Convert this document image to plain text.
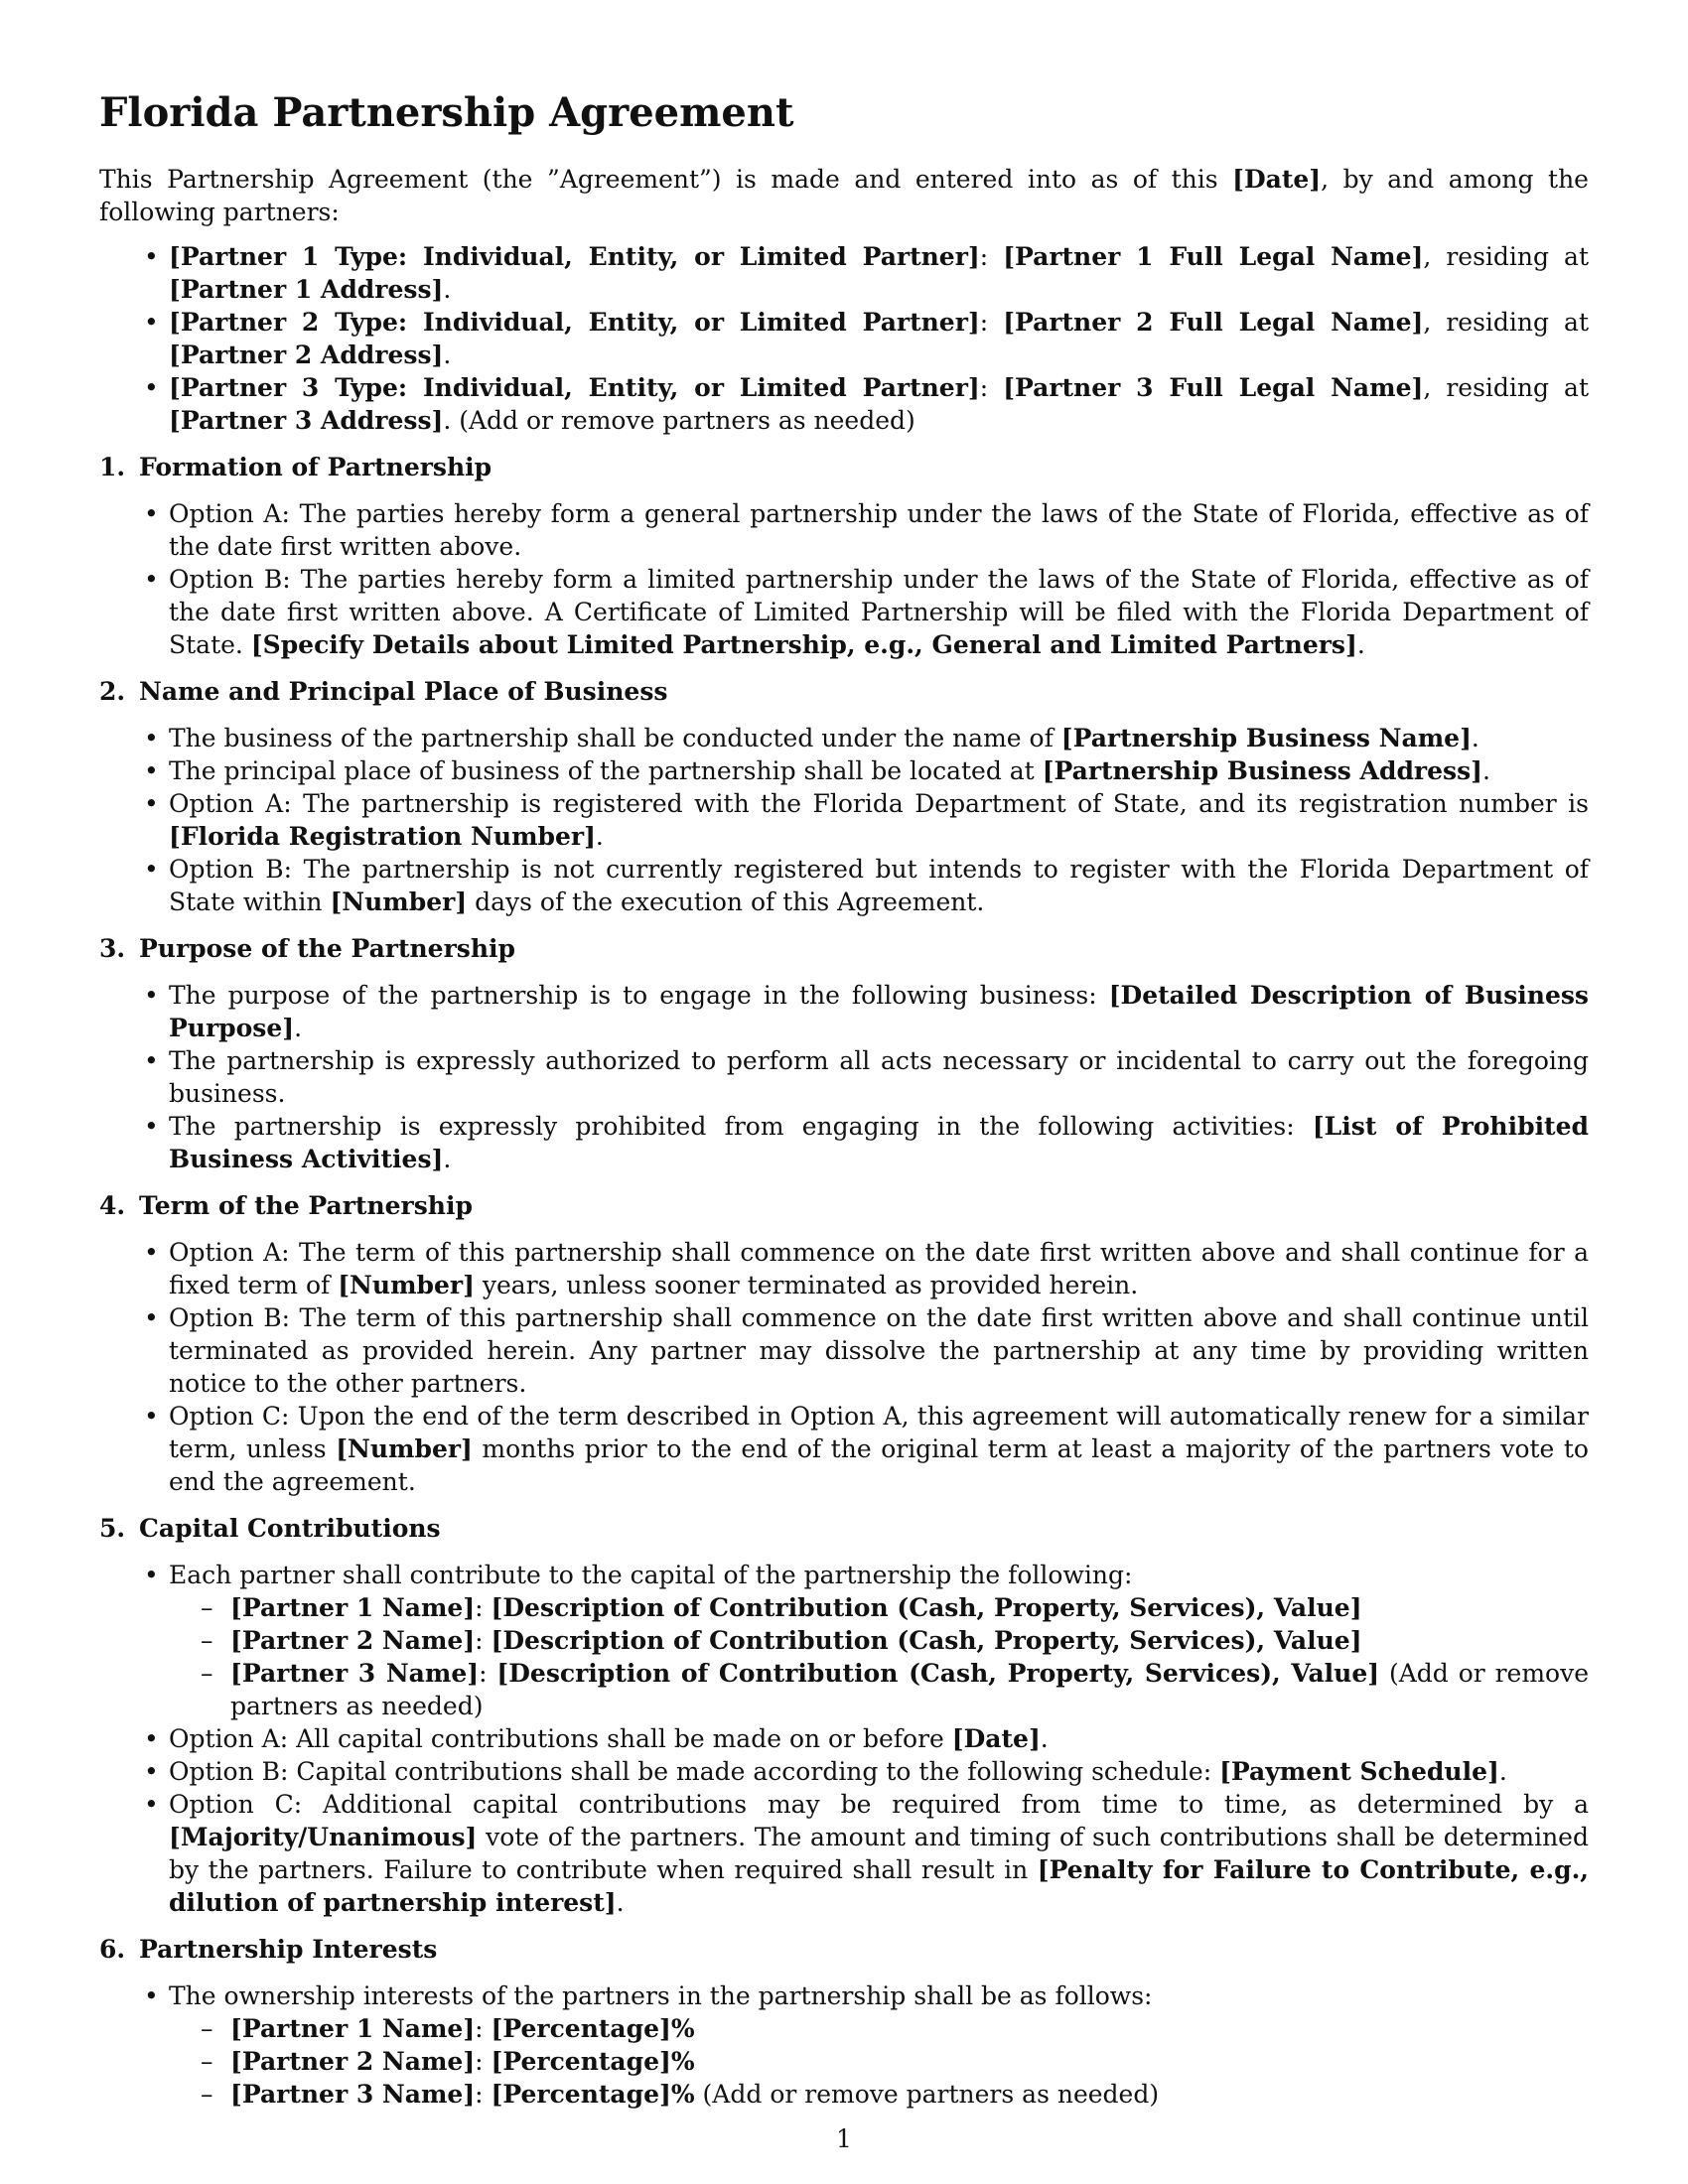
Florida Partnership Agreement

This Partnership Agreement (the ”Agreement”) is made and entered into as of this [Date], by and among the following partners:

• [Partner 1 Type: Individual, Entity, or Limited Partner]: [Partner 1 Full Legal Name], residing at [Partner 1 Address].
• [Partner 2 Type: Individual, Entity, or Limited Partner]: [Partner 2 Full Legal Name], residing at [Partner 2 Address].
• [Partner 3 Type: Individual, Entity, or Limited Partner]: [Partner 3 Full Legal Name], residing at [Partner 3 Address]. (Add or remove partners as needed)
1. Formation of Partnership
• Option A: The parties hereby form a general partnership under the laws of the State of Florida, effective as of the date first written above.
• Option B: The parties hereby form a limited partnership under the laws of the State of Florida, effective as of the date first written above. A Certificate of Limited Partnership will be filed with the Florida Department of State. [Specify Details about Limited Partnership, e.g., General and Limited Partners].
2. Name and Principal Place of Business
• The business of the partnership shall be conducted under the name of [Partnership Business Name].
• The principal place of business of the partnership shall be located at [Partnership Business Address].
• Option A: The partnership is registered with the Florida Department of State, and its registration number is [Florida Registration Number].
• Option B: The partnership is not currently registered but intends to register with the Florida Department of State within [Number] days of the execution of this Agreement.
3. Purpose of the Partnership
• The purpose of the partnership is to engage in the following business: [Detailed Description of Business Purpose].
• The partnership is expressly authorized to perform all acts necessary or incidental to carry out the foregoing business.
• The partnership is expressly prohibited from engaging in the following activities: [List of Prohibited Business Activities].
4. Term of the Partnership
• Option A: The term of this partnership shall commence on the date first written above and shall continue for a fixed term of [Number] years, unless sooner terminated as provided herein.
• Option B: The term of this partnership shall commence on the date first written above and shall continue until terminated as provided herein. Any partner may dissolve the partnership at any time by providing written notice to the other partners.
• Option C: Upon the end of the term described in Option A, this agreement will automatically renew for a similar term, unless [Number] months prior to the end of the original term at least a majority of the partners vote to end the agreement.
5. Capital Contributions
• Each partner shall contribute to the capital of the partnership the following:
– [Partner 1 Name]: [Description of Contribution (Cash, Property, Services), Value]
– [Partner 2 Name]: [Description of Contribution (Cash, Property, Services), Value]
– [Partner 3 Name]: [Description of Contribution (Cash, Property, Services), Value] (Add or remove partners as needed)
• Option A: All capital contributions shall be made on or before [Date].
• Option B: Capital contributions shall be made according to the following schedule: [Payment Schedule].
• Option C: Additional capital contributions may be required from time to time, as determined by a [Majority/Unanimous] vote of the partners. The amount and timing of such contributions shall be determined by the partners. Failure to contribute when required shall result in [Penalty for Failure to Contribute, e.g., dilution of partnership interest].
6. Partnership Interests
• The ownership interests of the partners in the partnership shall be as follows:
– [Partner 1 Name]: [Percentage]%
– [Partner 2 Name]: [Percentage]%
– [Partner 3 Name]: [Percentage]% (Add or remove partners as needed)
1
